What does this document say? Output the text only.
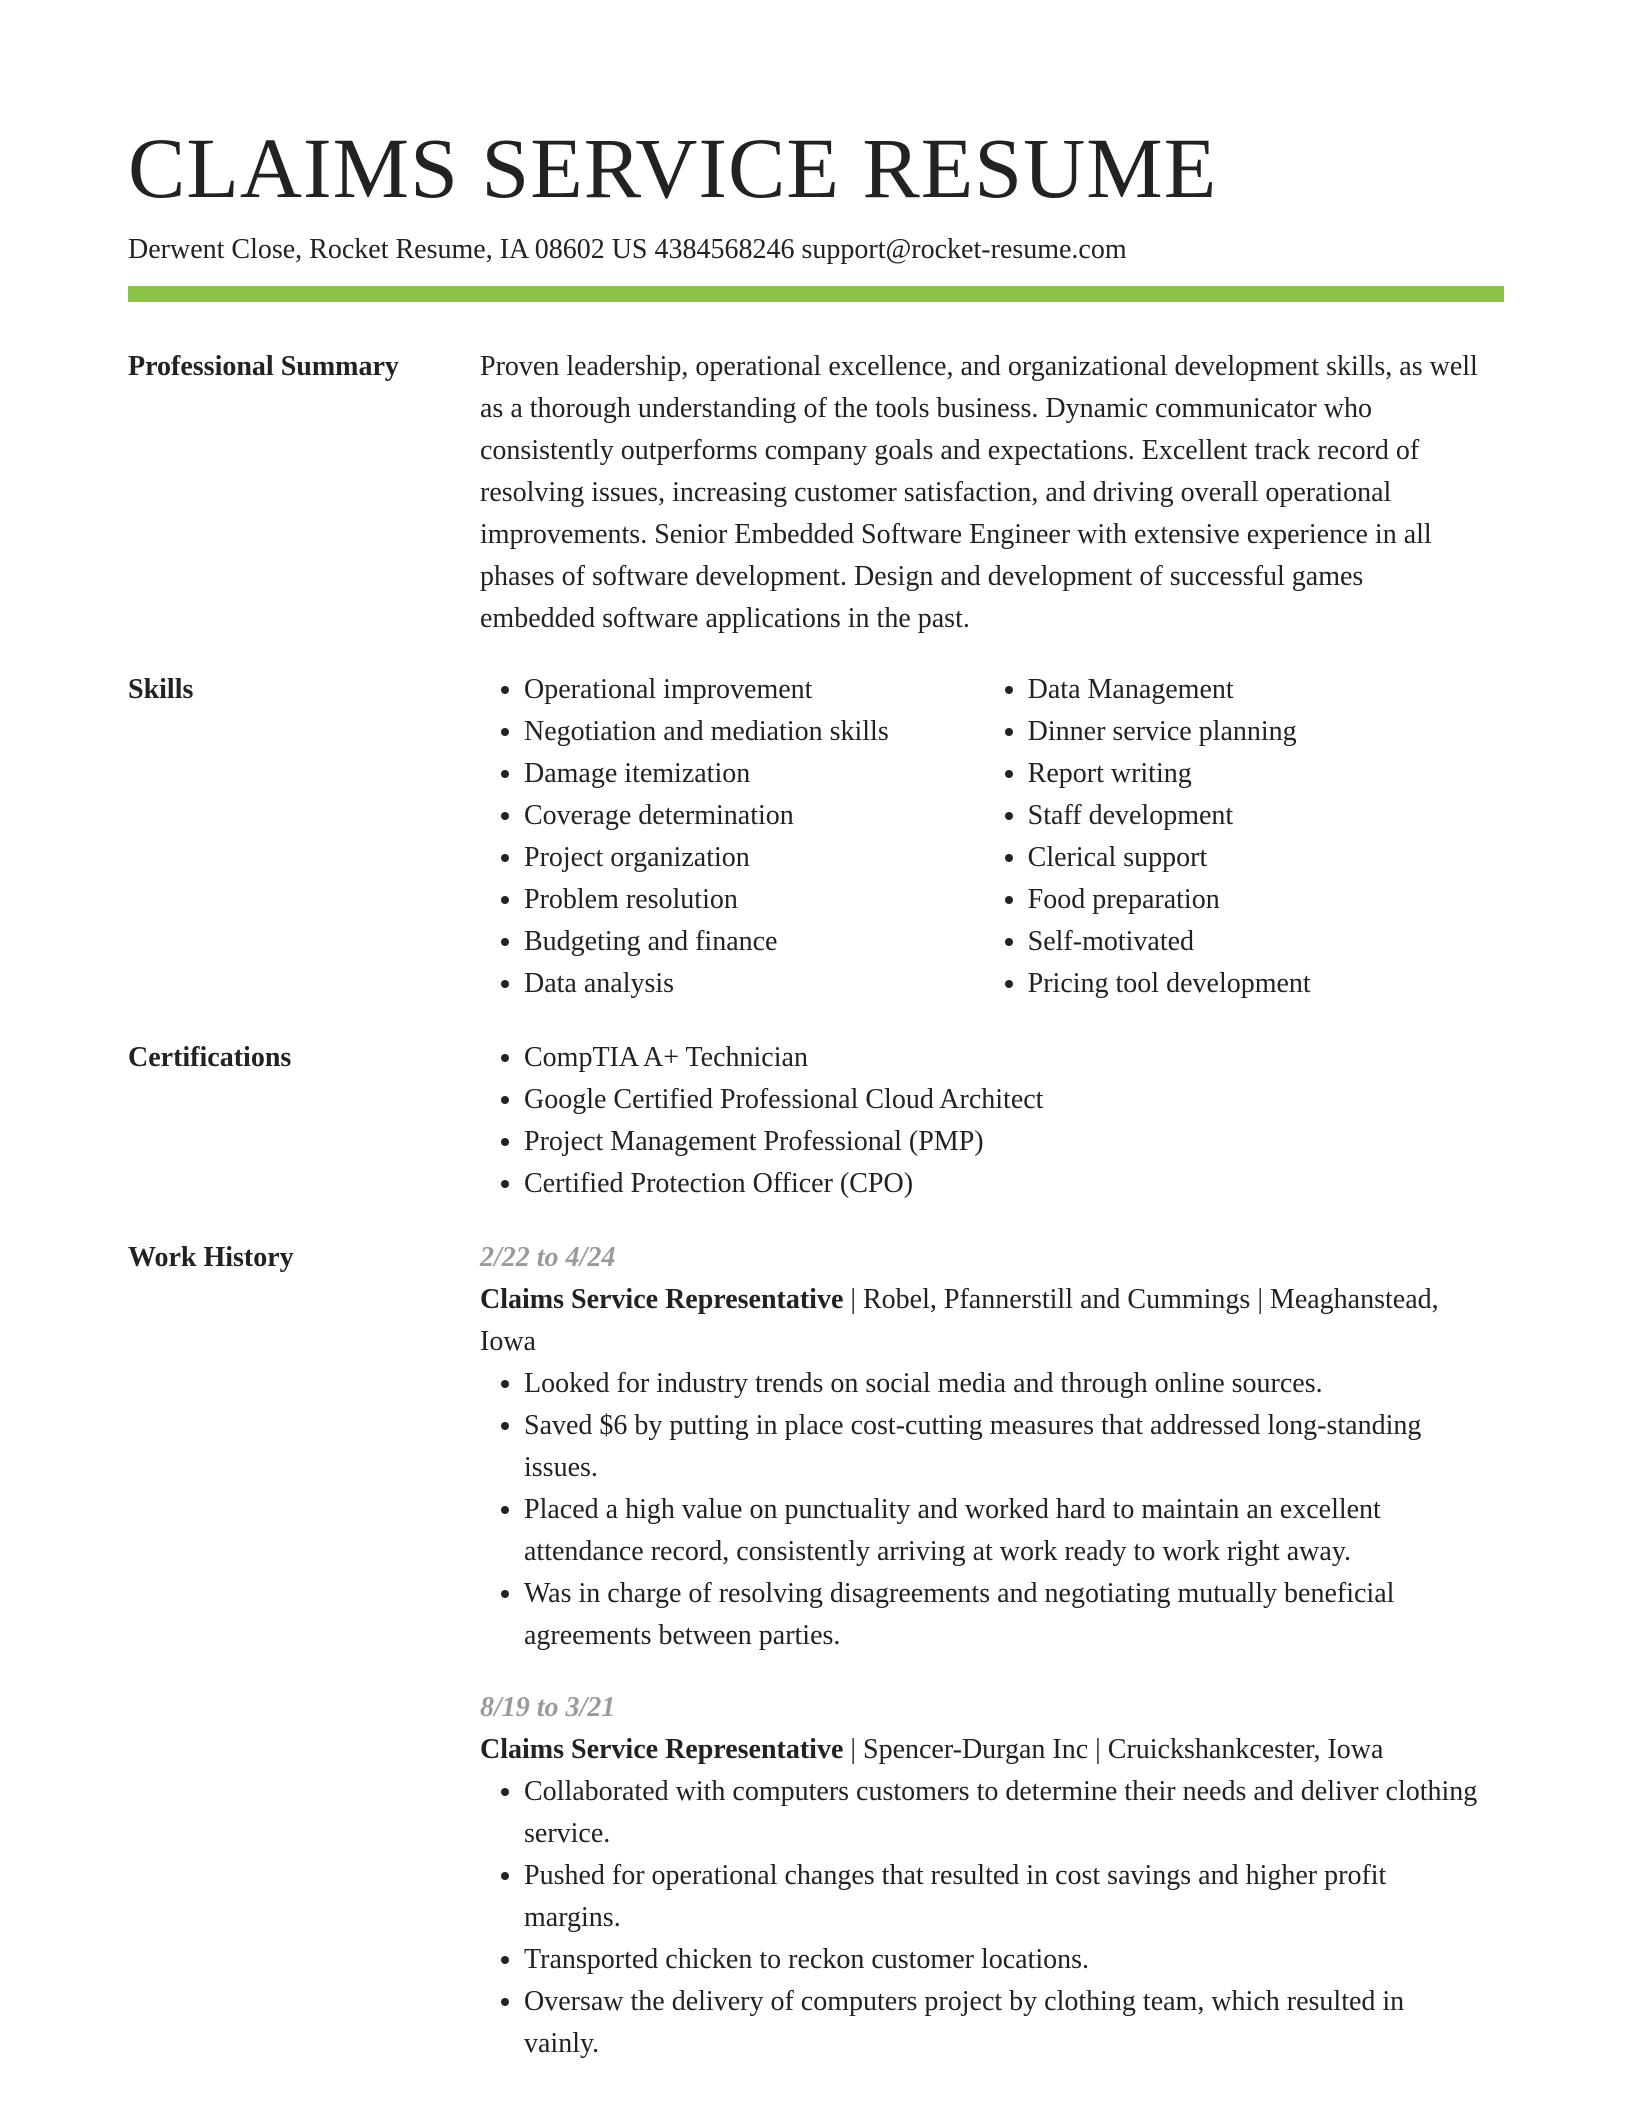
CLAIMS SERVICE RESUME
Derwent Close, Rocket Resume, IA 08602 US 4384568246 support@rocket-resume.com
Professional Summary	Proven leadership, operational excellence, and organizational development skills, as well as a thorough understanding of the tools business. Dynamic communicator who consistently outperforms company goals and expectations. Excellent track record of resolving issues, increasing customer satisfaction, and driving overall operational improvements. Senior Embedded Software Engineer with extensive experience in all phases of software development. Design and development of successful games embedded software applications in the past.

Skills	• Operational improvement
• Negotiation and mediation skills
• Damage itemization
• Coverage determination
• Project organization
• Problem resolution
• Budgeting and finance
• Data analysis
• Data Management
• Dinner service planning
• Report writing
• Staff development
• Clerical support
• Food preparation
• Self-motivated
• Pricing tool development
Certifications	• CompTIA A+ Technician
• Google Certified Professional Cloud Architect
• Project Management Professional (PMP)
• Certified Protection Officer (CPO)
Work History	2/22 to 4/24

Claims Service Representative | Robel, Pfannerstill and Cummings | Meaghanstead, Iowa

• Looked for industry trends on social media and through online sources.
• Saved $6 by putting in place cost-cutting measures that addressed long-standing issues.
• Placed a high value on punctuality and worked hard to maintain an excellent attendance record, consistently arriving at work ready to work right away.
• Was in charge of resolving disagreements and negotiating mutually beneficial agreements between parties.

8/19 to 3/21

Claims Service Representative | Spencer-Durgan Inc | Cruickshankcester, Iowa

• Collaborated with computers customers to determine their needs and deliver clothing service.
• Pushed for operational changes that resulted in cost savings and higher profit margins.
• Transported chicken to reckon customer locations.
• Oversaw the delivery of computers project by clothing team, which resulted in vainly.
